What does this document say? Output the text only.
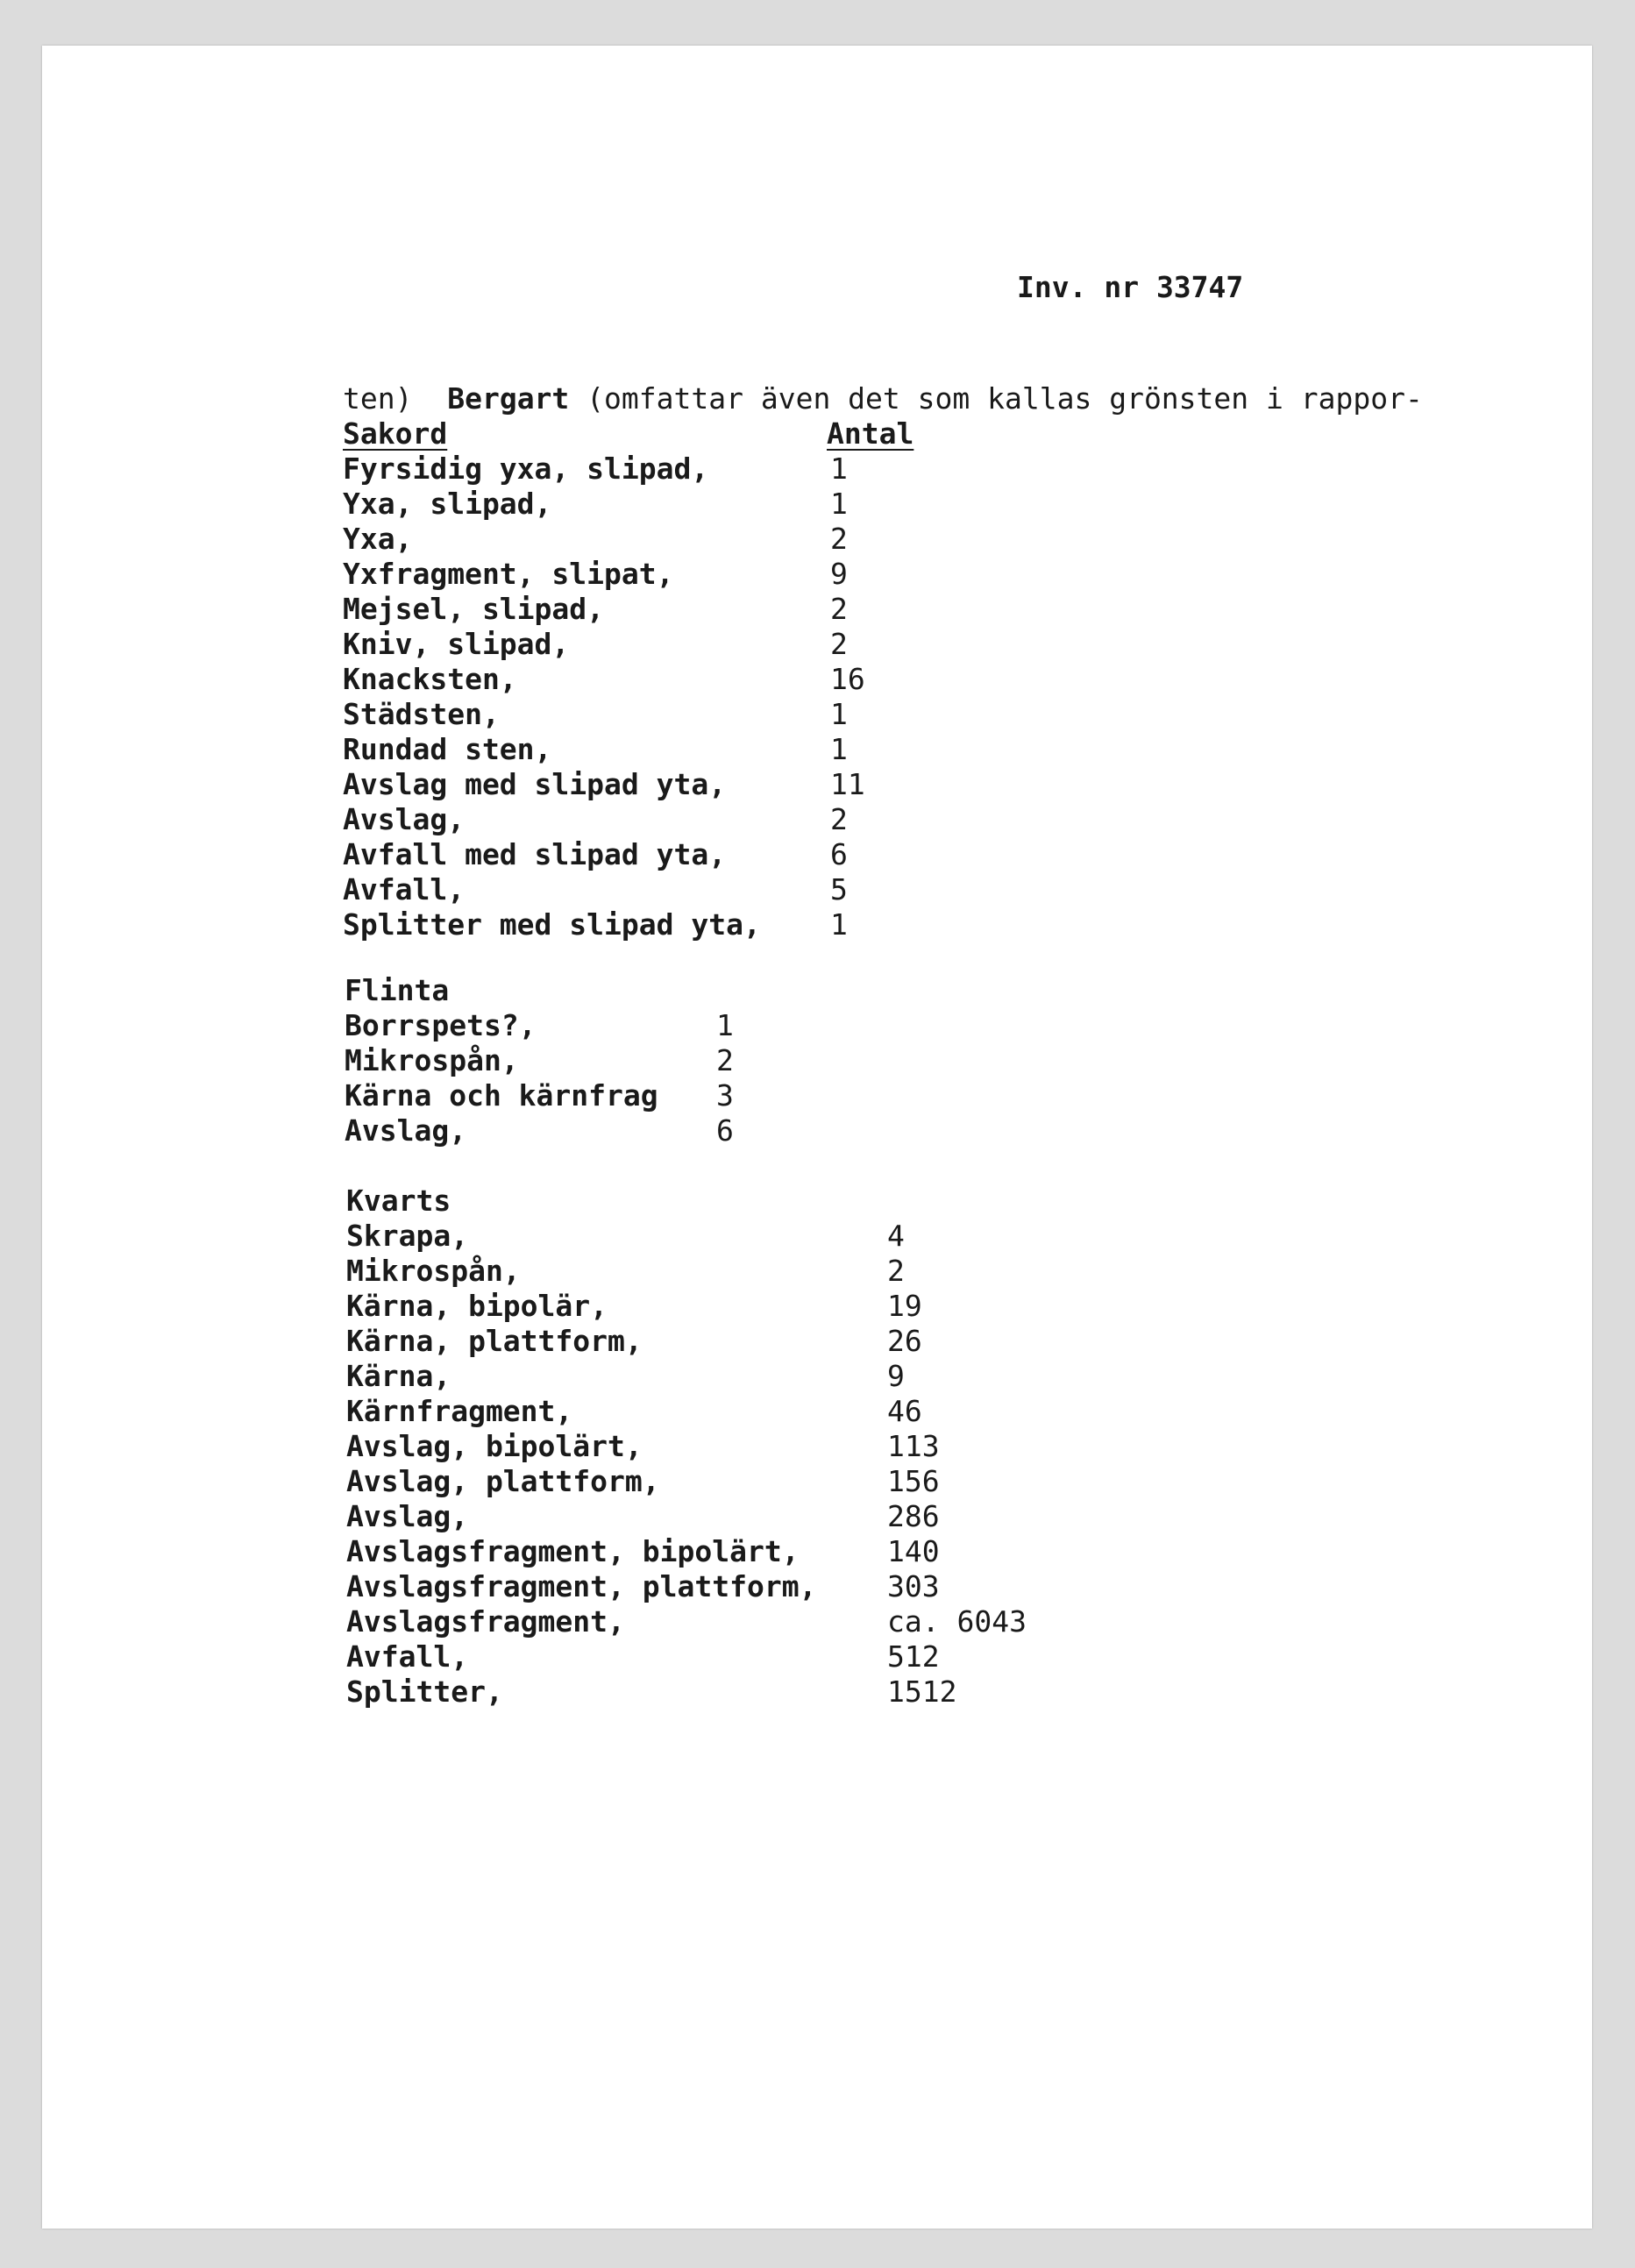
Inv. nr 33747

Bergart (omfattar även det som kallas grönsten i rappor-

ten)
Sakord	Antal
Fyrsidig yxa, slipad,	1
Yxa, slipad,	1
Yxa,	2
Yxfragment, slipat,	9
Mejsel, slipad,	2
Kniv, slipad,	2
Knacksten,	16
Städsten,	1
Rundad sten,	1
Avslag med slipad yta,	11
Avslag,	2
Avfall med slipad yta,	6
Avfall,	5
Splitter med slipad yta, 1
Flinta
Borrspets?,	1
Mikrospån,	2
Kärna och kärnfrag 3
Avslag,	6
Kvarts
Skrapa,	4
Mikrospån,	2
Kärna, bipolär,	19
Kärna, plattform,	26
Kärna,	9
Kärnfragment,	46
Avslag, bipolärt,	113
Avslag, plattform,	156
Avslag,	286
Avslagsfragment, bipolärt,	140
Avslagsfragment, plattform, 303
Avslagsfragment,	ca. 6043
Avfall,	512
Splitter,	1512
